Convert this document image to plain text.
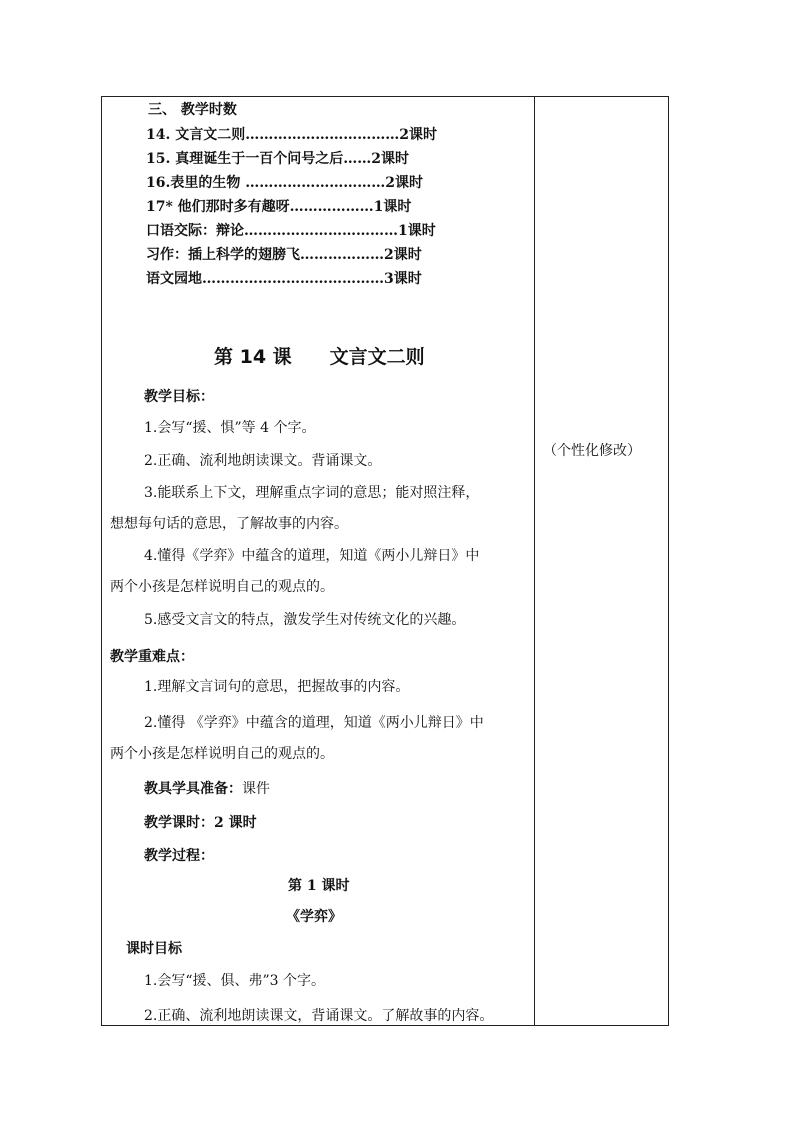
三、 教学时数
14. 文言文二则……………………………2课时
15. 真理诞生于一百个问号之后……2课时
16.表里的生物 …………………………2课时
17* 他们那时多有趣呀………………1课时
口语交际：辩论……………………………1课时
习作：插上科学的翅膀飞………………2课时
语文园地…………………………………3课时
第 14 课 文言文二则
教学目标：
1.会写“援、惧”等 4 个字。
2.正确、流利地朗读课文。背诵课文。
3.能联系上下文，理解重点字词的意思；能对照注释，
想想每句话的意思，了解故事的内容。
4.懂得《学弈》中蕴含的道理，知道《两小儿辩日》中
两个小孩是怎样说明自己的观点的。
5.感受文言文的特点，激发学生对传统文化的兴趣。
教学重难点：
1.理解文言词句的意思，把握故事的内容。
2.懂得 《学弈》中蕴含的道理，知道《两小儿辩日》中
两个小孩是怎样说明自己的观点的。
教具学具准备：课件
教学课时：2 课时
教学过程：
第 1 课时
《学弈》
课时目标
1.会写“援、俱、弗”3 个字。
2.正确、流利地朗读课文，背诵课文。了解故事的内容。
（个性化修改）
